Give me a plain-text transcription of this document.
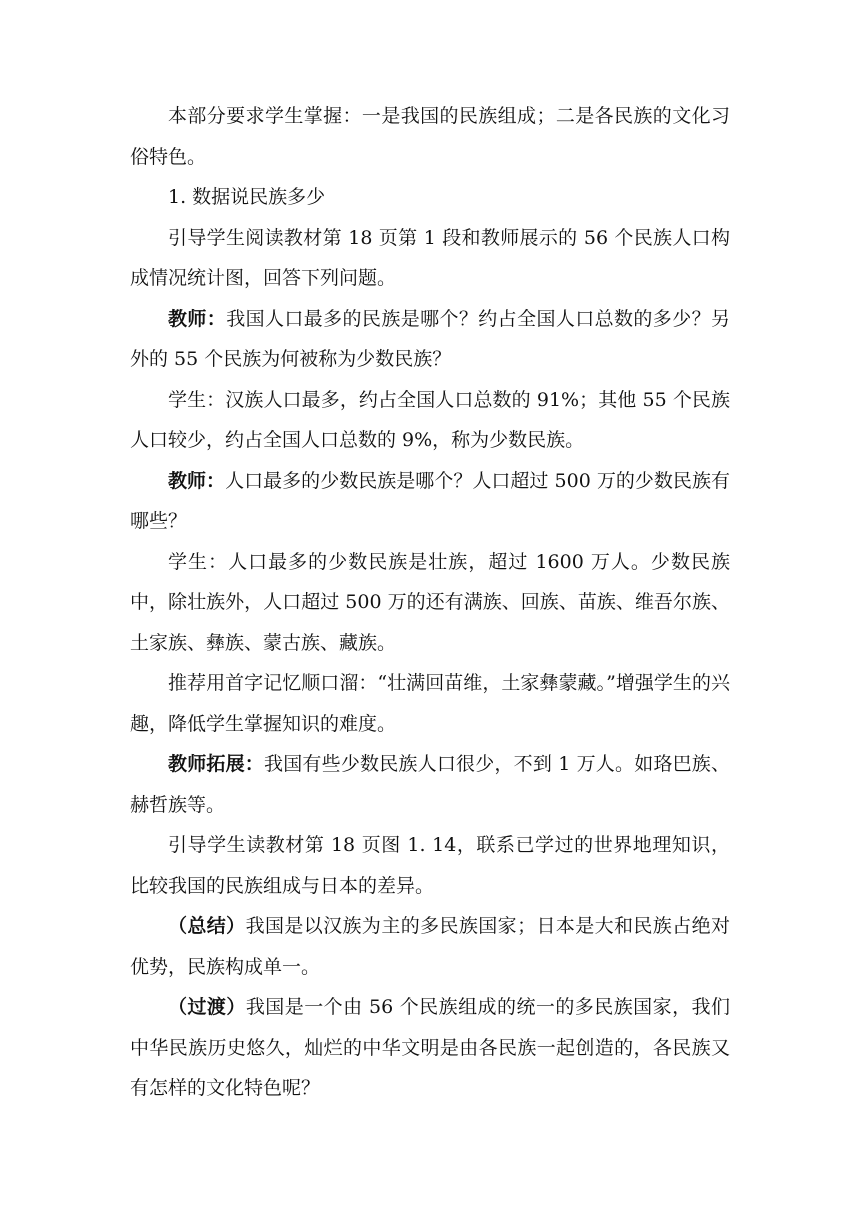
本部分要求学生掌握：一是我国的民族组成；二是各民族的文化习俗特色。

1. 数据说民族多少

引导学生阅读教材第 18 页第 1 段和教师展示的 56 个民族人口构成情况统计图，回答下列问题。

教师：我国人口最多的民族是哪个？约占全国人口总数的多少？另外的 55 个民族为何被称为少数民族？

学生：汉族人口最多，约占全国人口总数的 91%；其他 55 个民族人口较少，约占全国人口总数的 9%，称为少数民族。

教师：人口最多的少数民族是哪个？人口超过 500 万的少数民族有哪些？

学生：人口最多的少数民族是壮族，超过 1600 万人。少数民族中，除壮族外，人口超过 500 万的还有满族、回族、苗族、维吾尔族、土家族、彝族、蒙古族、藏族。

推荐用首字记忆顺口溜：“壮满回苗维，土家彝蒙藏。”增强学生的兴趣，降低学生掌握知识的难度。

教师拓展：我国有些少数民族人口很少，不到 1 万人。如珞巴族、赫哲族等。

引导学生读教材第 18 页图 1. 14，联系已学过的世界地理知识，比较我国的民族组成与日本的差异。

（总结）我国是以汉族为主的多民族国家；日本是大和民族占绝对优势，民族构成单一。

（过渡）我国是一个由 56 个民族组成的统一的多民族国家，我们中华民族历史悠久，灿烂的中华文明是由各民族一起创造的，各民族又有怎样的文化特色呢？
